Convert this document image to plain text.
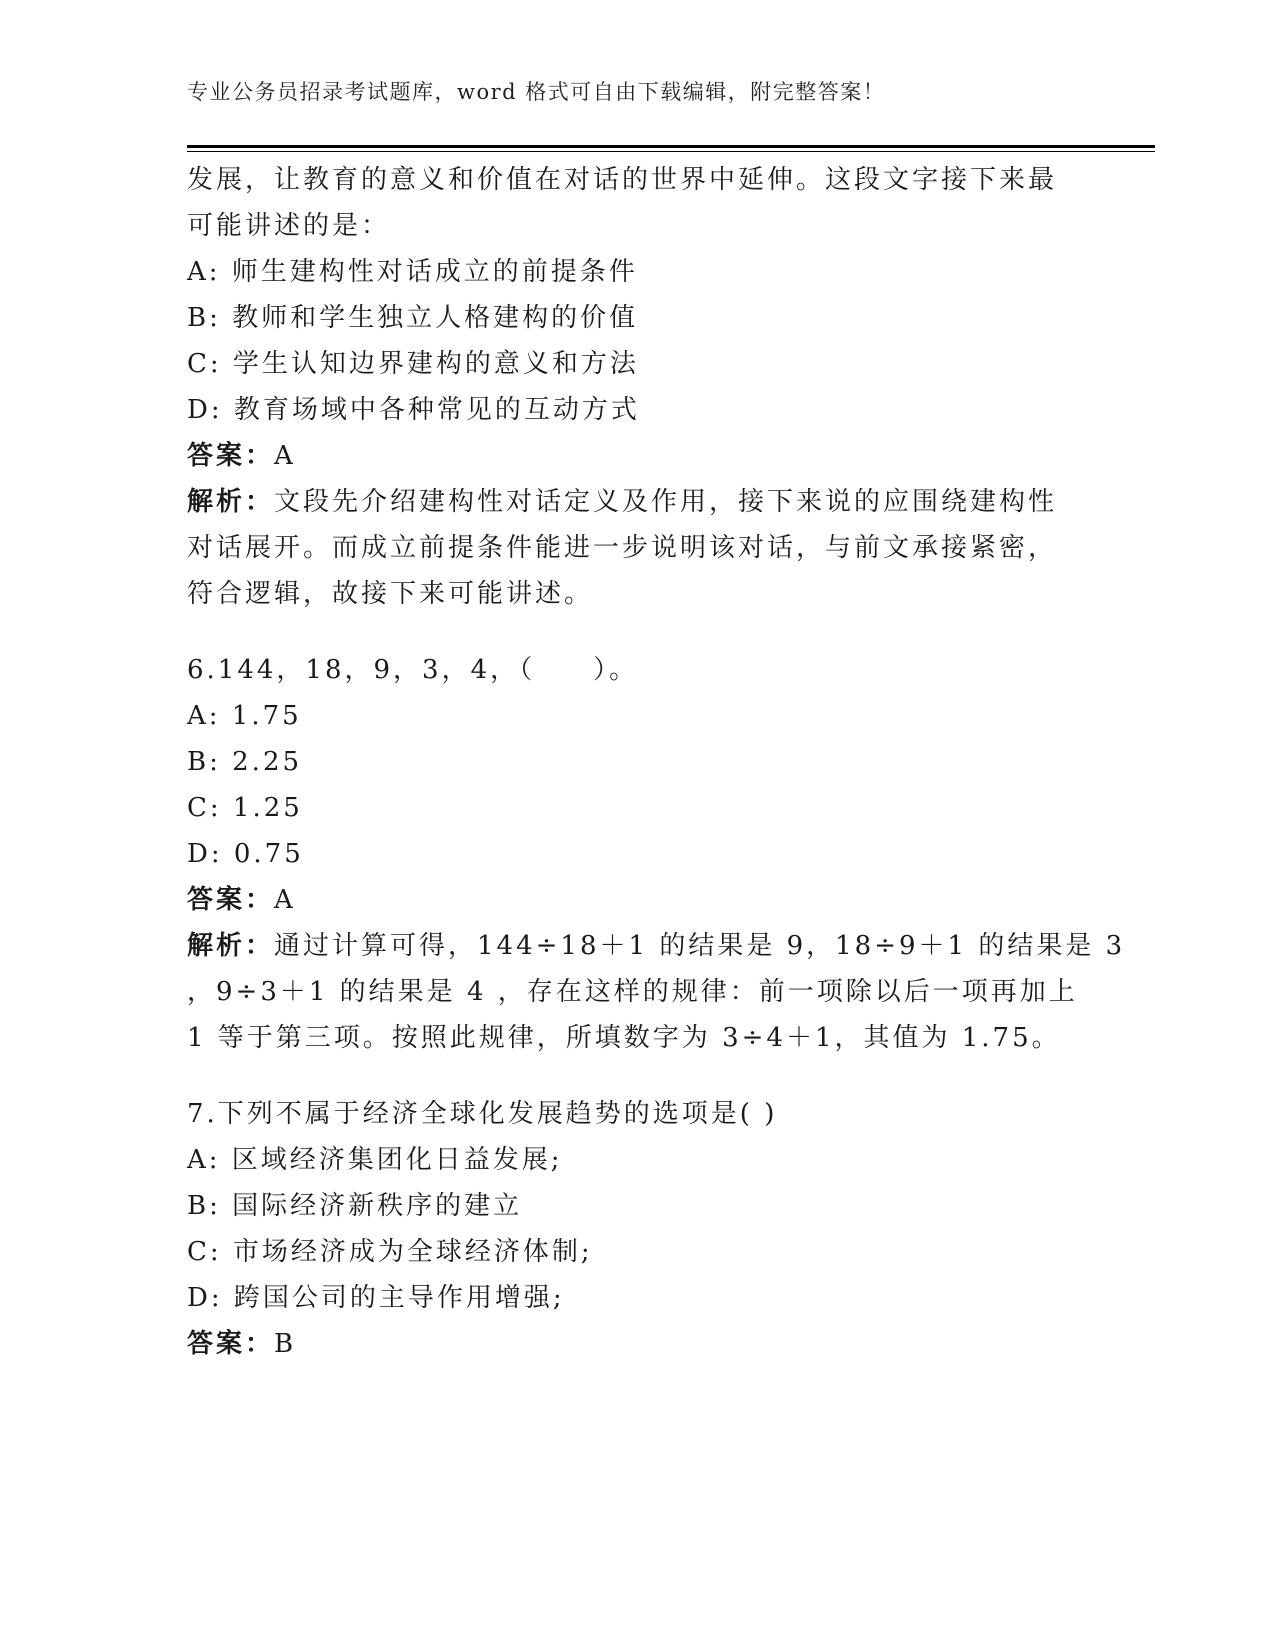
专业公务员招录考试题库，word 格式可自由下载编辑，附完整答案！
发展，让教育的意义和价值在对话的世界中延伸。这段文字接下来最
可能讲述的是：
A: 师生建构性对话成立的前提条件
B: 教师和学生独立人格建构的价值
C: 学生认知边界建构的意义和方法
D: 教育场域中各种常见的互动方式
答案：A
解析：文段先介绍建构性对话定义及作用，接下来说的应围绕建构性
对话展开。而成立前提条件能进一步说明该对话，与前文承接紧密，
符合逻辑，故接下来可能讲述。
6.144，18，9，3，4，（　　）。
A: 1.75
B: 2.25
C: 1.25
D: 0.75
答案：A
解析：通过计算可得，144÷18＋1 的结果是 9，18÷9＋1 的结果是 3
，9÷3＋1 的结果是 4 ，存在这样的规律：前一项除以后一项再加上
1 等于第三项。按照此规律，所填数字为 3÷4＋1，其值为 1.75。
7.下列不属于经济全球化发展趋势的选项是( )
A: 区域经济集团化日益发展;
B: 国际经济新秩序的建立
C: 市场经济成为全球经济体制;
D: 跨国公司的主导作用增强;
答案：B
